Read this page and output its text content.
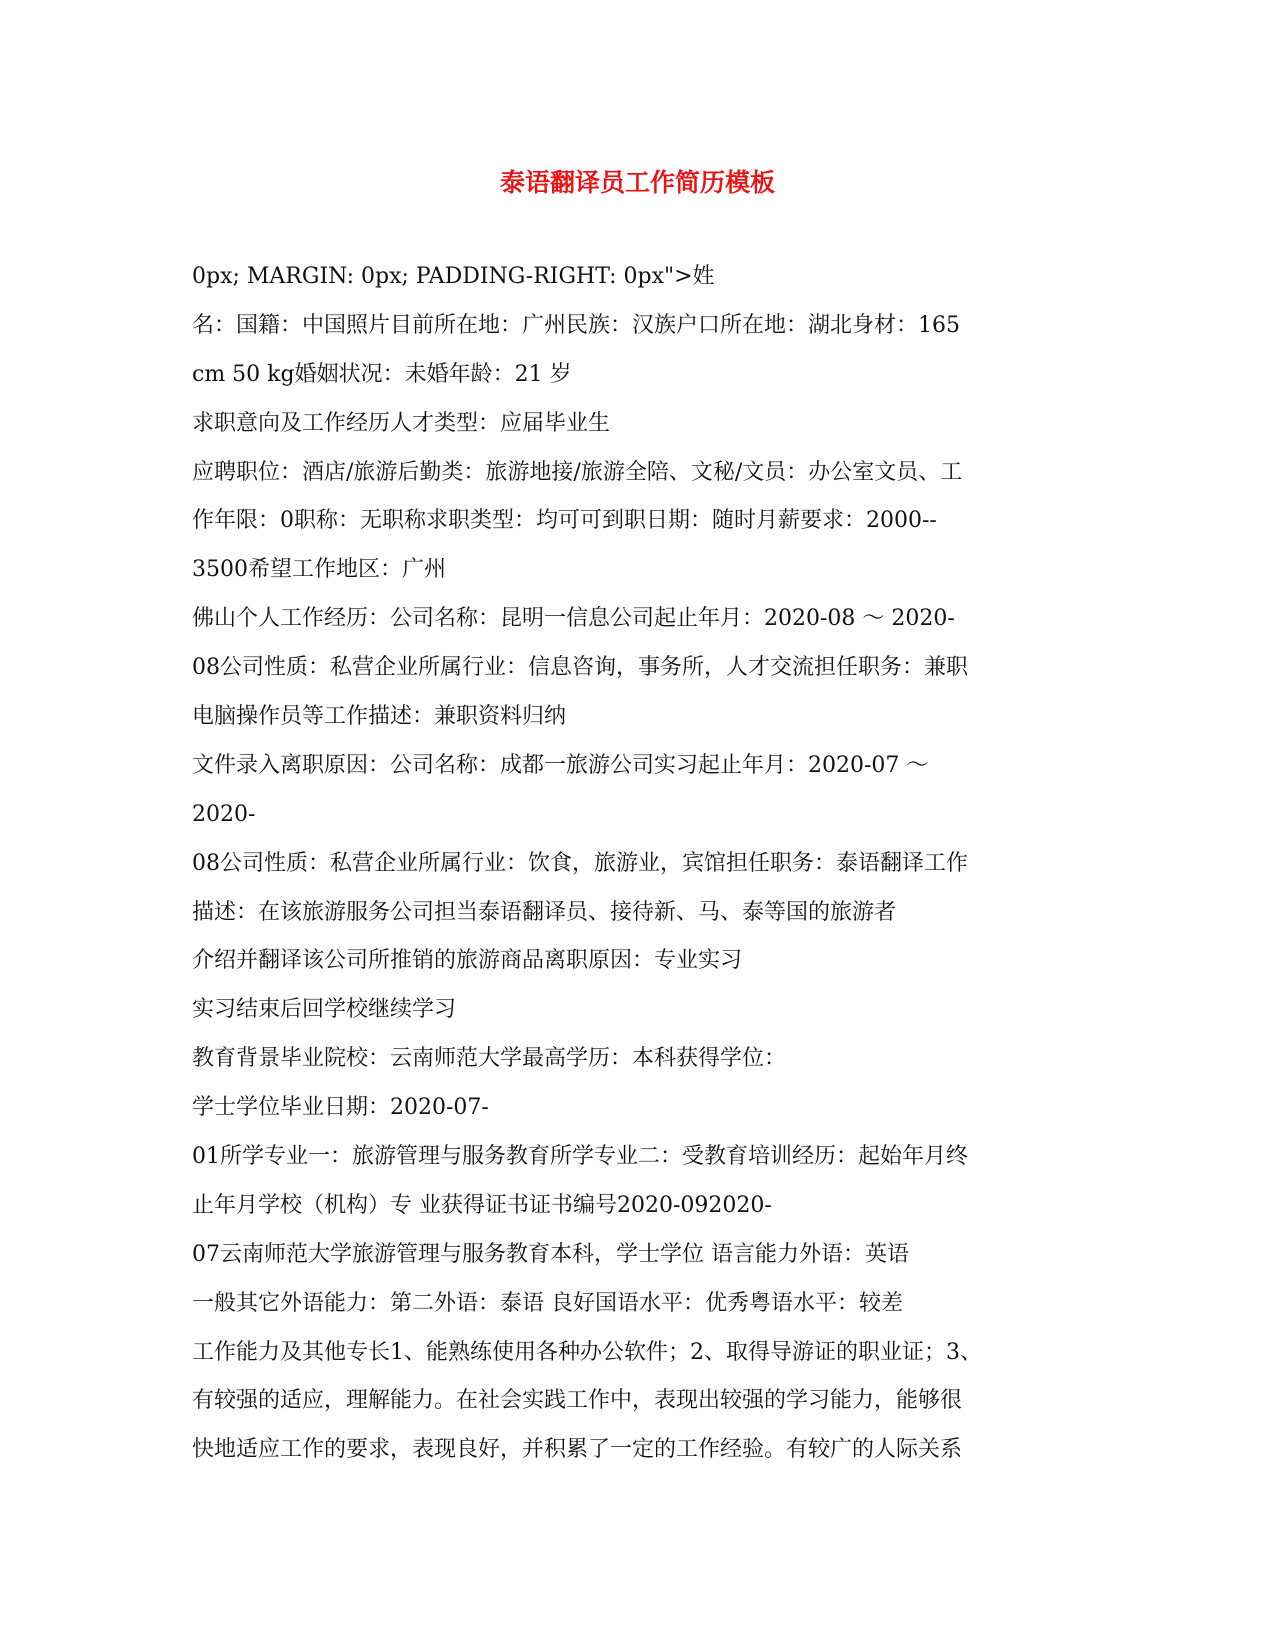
泰语翻译员工作简历模板
0px; MARGIN: 0px; PADDING-RIGHT: 0px">姓
名：国籍：中国照片目前所在地：广州民族：汉族户口所在地：湖北身材：165
cm 50 kg婚姻状况：未婚年龄：21 岁
求职意向及工作经历人才类型：应届毕业生
应聘职位：酒店/旅游后勤类：旅游地接/旅游全陪、文秘/文员：办公室文员、工
作年限：0职称：无职称求职类型：均可可到职日期：随时月薪要求：2000--
3500希望工作地区：广州
佛山个人工作经历：公司名称：昆明一信息公司起止年月：2020-08 ～ 2020-
08公司性质：私营企业所属行业：信息咨询，事务所，人才交流担任职务：兼职
电脑操作员等工作描述：兼职资料归纳
文件录入离职原因：公司名称：成都一旅游公司实习起止年月：2020-07 ～
2020-
08公司性质：私营企业所属行业：饮食，旅游业，宾馆担任职务：泰语翻译工作
描述：在该旅游服务公司担当泰语翻译员、接待新、马、泰等国的旅游者
介绍并翻译该公司所推销的旅游商品离职原因：专业实习
实习结束后回学校继续学习
教育背景毕业院校：云南师范大学最高学历：本科获得学位：
学士学位毕业日期：2020-07-
01所学专业一：旅游管理与服务教育所学专业二：受教育培训经历：起始年月终
止年月学校（机构）专 业获得证书证书编号2020-092020-
07云南师范大学旅游管理与服务教育本科，学士学位 语言能力外语：英语
一般其它外语能力：第二外语：泰语 良好国语水平：优秀粤语水平：较差
工作能力及其他专长1、能熟练使用各种办公软件；2、取得导游证的职业证；3、
有较强的适应，理解能力。在社会实践工作中，表现出较强的学习能力，能够很
快地适应工作的要求，表现良好，并积累了一定的工作经验。有较广的人际关系
